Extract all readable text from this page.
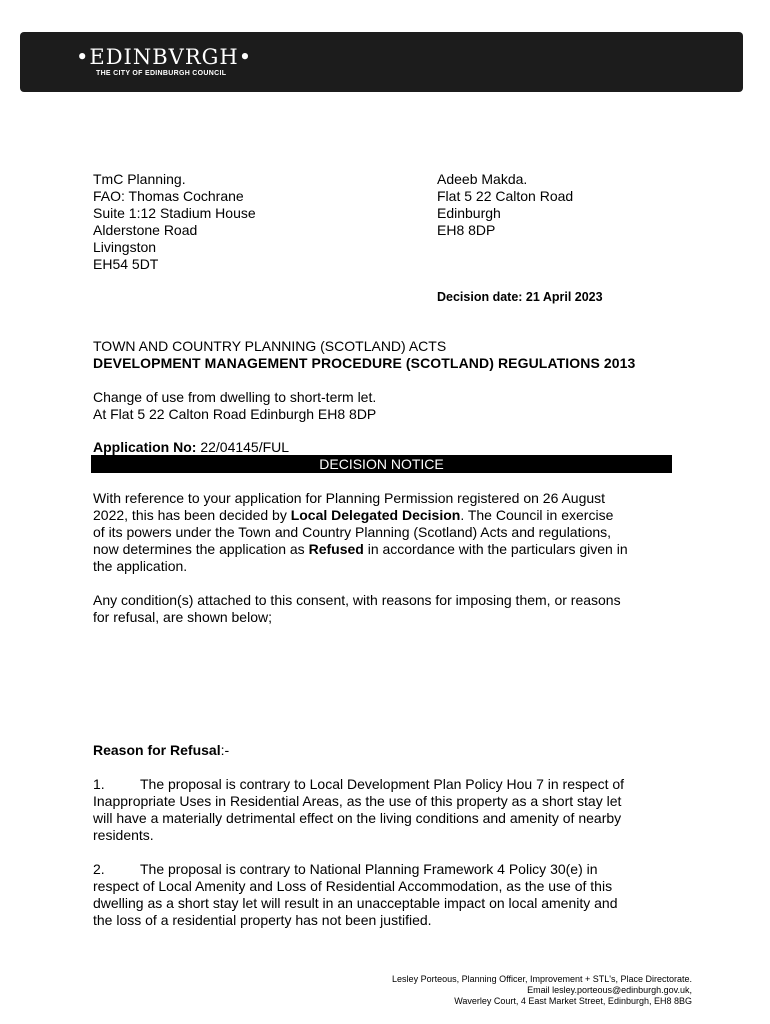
•EDINBVRGH•
THE CITY OF EDINBURGH COUNCIL
TmC Planning.
FAO: Thomas Cochrane
Suite 1:12 Stadium House
Alderstone Road
Livingston
EH54 5DT
Adeeb Makda.
Flat 5 22 Calton Road
Edinburgh
EH8 8DP
Decision date: 21 April 2023
TOWN AND COUNTRY PLANNING (SCOTLAND) ACTS
DEVELOPMENT MANAGEMENT PROCEDURE (SCOTLAND) REGULATIONS 2013
Change of use from dwelling to short-term let.
At Flat 5 22 Calton Road Edinburgh EH8 8DP
Application No: 22/04145/FUL
DECISION NOTICE
With reference to your application for Planning Permission registered on 26 August
2022, this has been decided by Local Delegated Decision. The Council in exercise
of its powers under the Town and Country Planning (Scotland) Acts and regulations,
now determines the application as Refused in accordance with the particulars given in
the application.
Any condition(s) attached to this consent, with reasons for imposing them, or reasons
for refusal, are shown below;
Reason for Refusal:-
1.	The proposal is contrary to Local Development Plan Policy Hou 7 in respect of
Inappropriate Uses in Residential Areas, as the use of this property as a short stay let
will have a materially detrimental effect on the living conditions and amenity of nearby
residents.
2.	The proposal is contrary to National Planning Framework 4 Policy 30(e) in
respect of Local Amenity and Loss of Residential Accommodation, as the use of this
dwelling as a short stay let will result in an unacceptable impact on local amenity and
the loss of a residential property has not been justified.
Lesley Porteous, Planning Officer, Improvement + STL's, Place Directorate.
Email lesley.porteous@edinburgh.gov.uk,
Waverley Court, 4 East Market Street, Edinburgh, EH8 8BG
